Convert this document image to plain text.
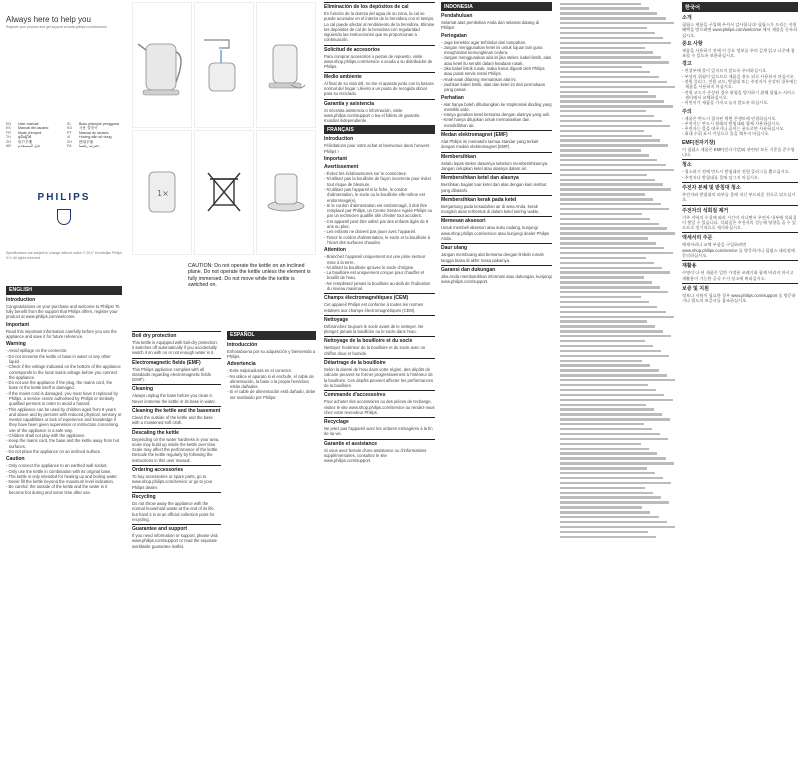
Always here to help you
Register your product and get support at www.philips.com/welcome
EN	User manual	ID	Buku petunjuk pengguna
ES	Manual del usuario	KO	사용 설명서
FR	Mode d'emploi	PT	Manual do usuário
TH	คู่มือผู้ใช้	VI	Hướng dẫn sử dụng
ZH	用户手册	ZH	使用手冊
AR	دليل المستخدم	FA	دفترچه راهنما
PHILIPS
Specifications are subject to change without notice © 2017 Koninklijke Philips N.V. All rights reserved.
ENGLISH
Introduction
Congratulations on your purchase and welcome to Philips! To fully benefit from the support that Philips offers, register your product at www.philips.com/welcome.
Important
Read this important information carefully before you use the appliance and save it for future reference.
Warning
- Avoid spillage on the connector.
- Do not immerse the kettle or base in water or any other liquid.
- Check if the voltage indicated on the bottom of the appliance corresponds to the local mains voltage before you connect the appliance.
- Do not use the appliance if the plug, the mains cord, the base or the kettle itself is damaged.
- If the mains cord is damaged, you must have it replaced by Philips, a service centre authorised by Philips or similarly qualified persons in order to avoid a hazard.
- This appliance can be used by children aged from 8 years and above and by persons with reduced physical, sensory or mental capabilities or lack of experience and knowledge if they have been given supervision or instruction concerning use of the appliance in a safe way.
- Children shall not play with the appliance.
- Keep the mains cord, the base and the kettle away from hot surfaces.
- Do not place the appliance on an inclined surface.
Caution
- Only connect the appliance to an earthed wall socket.
- Only use the kettle in combination with its original base.
- The kettle is only intended for heating up and boiling water.
- Never fill the kettle beyond the maximum level indication.
- Be careful: the outside of the kettle and the water in it become hot during and some time after use.
1×
CAUTION: Do not operate the kettle on an inclined plane. Do not operate the kettle unless the element is fully immersed. Do not move while the kettle is switched on.
Boil dry protection
This kettle is equipped with boil-dry protection: it switches off automatically if you accidentally switch it on with no or not enough water in it.
Electromagnetic fields (EMF)
This Philips appliance complies with all standards regarding electromagnetic fields (EMF).
Cleaning
Always unplug the base before you clean it. Never immerse the kettle or its base in water.
Cleaning the kettle and the basement
Clean the outside of the kettle and the base with a moistened soft cloth.
Descaling the kettle
Depending on the water hardness in your area, scale may build up inside the kettle over time. Scale may affect the performance of the kettle. Descale the kettle regularly by following the instructions in this user manual.
Ordering accessories
To buy accessories or spare parts, go to www.shop.philips.com/service or go to your Philips dealer.
Recycling
Do not throw away the appliance with the normal household waste at the end of its life, but hand it in at an official collection point for recycling.
Guarantee and support
If you need information or support, please visit www.philips.com/support or read the separate worldwide guarantee leaflet.
ESPAÑOL
Introducción
Enhorabuena por su adquisición y bienvenido a Philips.
Advertencia
- Evite salpicaduras en el conector.
- No utilice el aparato si el enchufe, el cable de alimentación, la base o la propia hervidora están dañados.
- Si el cable de alimentación está dañado, debe ser sustituido por Philips.
Eliminación de los depósitos de cal
En función de la dureza del agua de su zona, la cal se puede acumular en el interior de la hervidora con el tiempo. La cal puede afectar al rendimiento de la hervidora. Elimine los depósitos de cal de la hervidora con regularidad siguiendo las instrucciones que se proporcionan a continuación.
Solicitud de accesorios
Para comprar accesorios o piezas de repuesto, visite www.shop.philips.com/service o acuda a su distribuidor de Philips.
Medio ambiente
Al final de su vida útil, no tire el aparato junto con la basura normal del hogar. Llévelo a un punto de recogida oficial para su reciclado.
Garantía y asistencia
Si necesita asistencia o información, visite www.philips.com/support o lea el folleto de garantía mundial independiente.
FRANÇAIS
Introduction
Félicitations pour votre achat et bienvenue dans l'univers Philips !
Important
Avertissement
- Évitez les éclaboussures sur le connecteur.
- N'utilisez pas la bouilloire de façon incorrecte pour éviter tout risque de blessure.
- N'utilisez pas l'appareil si la fiche, le cordon d'alimentation, le socle ou la bouilloire elle-même est endommagé(e).
- Si le cordon d'alimentation est endommagé, il doit être remplacé par Philips, un Centre Service Agréé Philips ou par un technicien qualifié afin d'éviter tout accident.
- Cet appareil peut être utilisé par des enfants âgés de 8 ans ou plus.
- Les enfants ne doivent pas jouer avec l'appareil.
- Tenez le cordon d'alimentation, le socle et la bouilloire à l'écart des surfaces chaudes.
Attention
- Branchez l'appareil uniquement sur une prise secteur mise à la terre.
- N'utilisez la bouilloire qu'avec le socle d'origine.
- La bouilloire est uniquement conçue pour chauffer et bouillir de l'eau.
- Ne remplissez jamais la bouilloire au-delà de l'indication du niveau maximal.
Champs électromagnétiques (CEM)
Cet appareil Philips est conforme à toutes les normes relatives aux champs électromagnétiques (CEM).
Nettoyage
Débranchez toujours le socle avant de le nettoyer. Ne plongez jamais la bouilloire ou le socle dans l'eau.
Nettoyage de la bouilloire et du socle
Nettoyez l'extérieur de la bouilloire et du socle avec un chiffon doux et humide.
Détartrage de la bouilloire
Selon la dureté de l'eau dans votre région, des dépôts de calcaire peuvent se former progressivement à l'intérieur de la bouilloire. Ces dépôts peuvent affecter les performances de la bouilloire.
Commande d'accessoires
Pour acheter des accessoires ou des pièces de rechange, visitez le site www.shop.philips.com/service ou rendez-vous chez votre revendeur Philips.
Recyclage
Ne jetez pas l'appareil avec les ordures ménagères à la fin de sa vie.
Garantie et assistance
Si vous avez besoin d'une assistance ou d'informations supplémentaires, consultez le site www.philips.com/support.
INDONESIA
Pendahuluan
Selamat atas pembelian Anda dan selamat datang di Philips!
Peringatan
- Jaga konektor agar terhindar dari tumpahan.
- Jangan menggunakan ketel ini untuk tujuan lain guna menghindari kemungkinan cedera.
- Jangan menggunakan alat ini jika steker, kabel listrik, alas atau ketel itu sendiri dalam keadaan rusak.
- Jika kabel listrik rusak, maka harus diganti oleh Philips atau pusat servis resmi Philips.
- Anak-anak dilarang memainkan alat ini.
- Jauhkan kabel listrik, alas dan ketel ini dari permukaan yang panas.
Perhatian
- Alat hanya boleh dihubungkan ke stopkontak dinding yang memiliki arde.
- Hanya gunakan ketel bersama dengan alasnya yang asli.
- Ketel hanya ditujukan untuk memanaskan dan mendidihkan air.
Medan elektromagnet (EMF)
Alat Philips ini mematuhi semua standar yang terkait dengan medan elektromagnet (EMF).
Membersihkan
Selalu lepas steker dasarnya sebelum membersihkannya. Jangan celupkan ketel atau alasnya dalam air.
Membersihkan ketel dan alasnya
Bersihkan bagian luar ketel dan alas dengan kain lembut yang dibasahi.
Membersihkan kerak pada ketel
Bergantung pada kesadahan air di area Anda, kerak mungkin akan terbentuk di dalam ketel seiring waktu.
Memesan aksesori
Untuk membeli aksesori atau suku cadang, kunjungi www.shop.philips.com/service atau kunjungi dealer Philips Anda.
Daur ulang
Jangan membuang alat bersama dengan limbah rumah tangga biasa di akhir masa pakainya.
Garansi dan dukungan
Jika Anda membutuhkan informasi atau dukungan, kunjungi www.philips.com/support.
한국어
소개
필립스 제품을 구입해 주셔서 감사합니다! 필립스가 드리는 지원 혜택을 받으려면 www.philips.com/welcome 에서 제품을 등록하십시오.
중요 사항
제품을 사용하기 전에 이 중요 정보를 주의 깊게 읽고 나중에 참조할 수 있도록 보관하십시오.
경고
- 연결부에 물이 엎지르지 않도록 주의하십시오.
- 부상의 위험이 있으므로 제품을 용도 외로 사용하지 마십시오.
- 전원 플러그, 전원 코드, 받침대 또는 주전자가 손상된 경우에는 제품을 사용하지 마십시오.
- 전원 코드가 손상된 경우 위험을 방지하기 위해 필립스 서비스 센터에서 교체하십시오.
- 어린이가 제품을 가지고 놀지 않도록 하십시오.
주의
- 제품은 반드시 접지된 벽면 콘센트에 연결하십시오.
- 주전자는 반드시 원래의 받침대와 함께 사용하십시오.
- 주전자는 물을 데우거나 끓이는 용도로만 사용하십시오.
- 최대 수위 표시 이상으로 물을 채우지 마십시오.
EMF(전자기장)
이 필립스 제품은 EMF(전자기장)와 관련된 모든 기준을 준수합니다.
청소
- 청소하기 전에 반드시 받침대의 전원 플러그를 뽑으십시오.
- 주전자나 받침대를 물에 담그지 마십시오.
주전자 본체 및 받침대 청소
주전자와 받침대의 외부를 물에 적신 부드러운 천으로 닦으십시오.
주전자의 석회질 제거
거주 지역의 수질에 따라 시간이 지나면서 주전자 내부에 석회질이 쌓일 수 있습니다. 석회질은 주전자의 성능에 영향을 줄 수 있으므로 정기적으로 제거하십시오.
액세서리 주문
액세서리나 교체 부품을 구입하려면 www.shop.philips.com/service 를 방문하거나 필립스 대리점에 문의하십시오.
재활용
수명이 다 된 제품은 일반 가정용 쓰레기와 함께 버리지 마시고 재활용이 가능한 공식 수거 장소에 버리십시오.
보증 및 지원
정보나 지원이 필요한 경우 www.philips.com/support 를 방문하거나 별도의 보증서를 참조하십시오.
